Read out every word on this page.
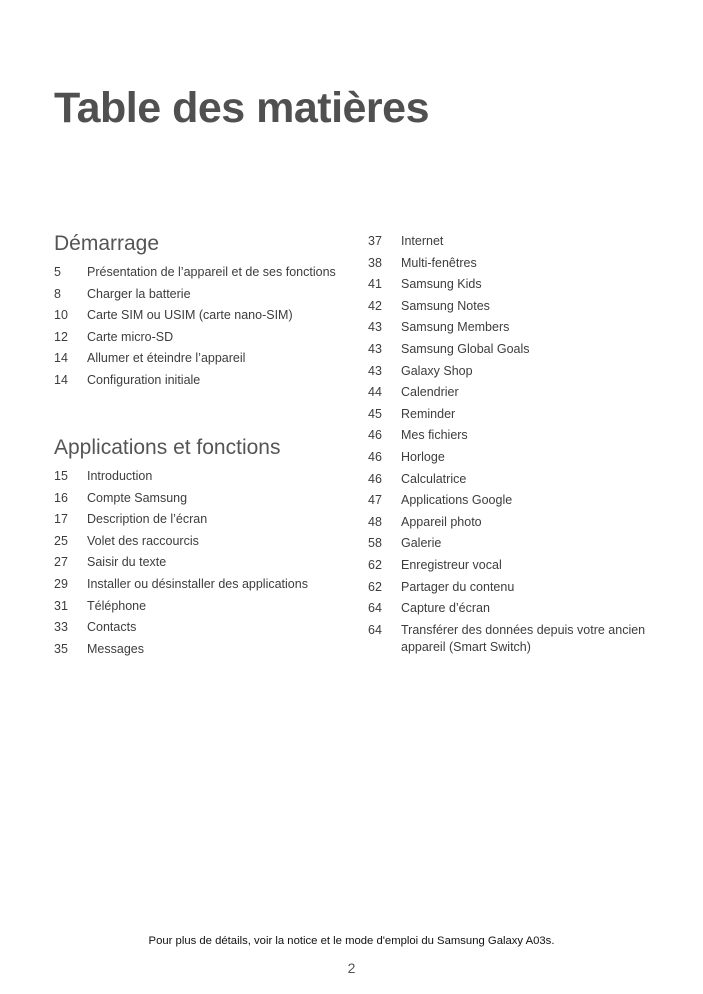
Table des matières
Démarrage
5	Présentation de l’appareil et de ses fonctions
8	Charger la batterie
10	Carte SIM ou USIM (carte nano-SIM)
12	Carte micro-SD
14	Allumer et éteindre l’appareil
14	Configuration initiale
Applications et fonctions
15	Introduction
16	Compte Samsung
17	Description de l’écran
25	Volet des raccourcis
27	Saisir du texte
29	Installer ou désinstaller des applications
31	Téléphone
33	Contacts
35	Messages
37	Internet
38	Multi-fenêtres
41	Samsung Kids
42	Samsung Notes
43	Samsung Members
43	Samsung Global Goals
43	Galaxy Shop
44	Calendrier
45	Reminder
46	Mes fichiers
46	Horloge
46	Calculatrice
47	Applications Google
48	Appareil photo
58	Galerie
62	Enregistreur vocal
62	Partager du contenu
64	Capture d’écran
64	Transférer des données depuis votre ancien appareil (Smart Switch)
Pour plus de détails, voir la notice et le mode d'emploi du Samsung Galaxy A03s.
2
